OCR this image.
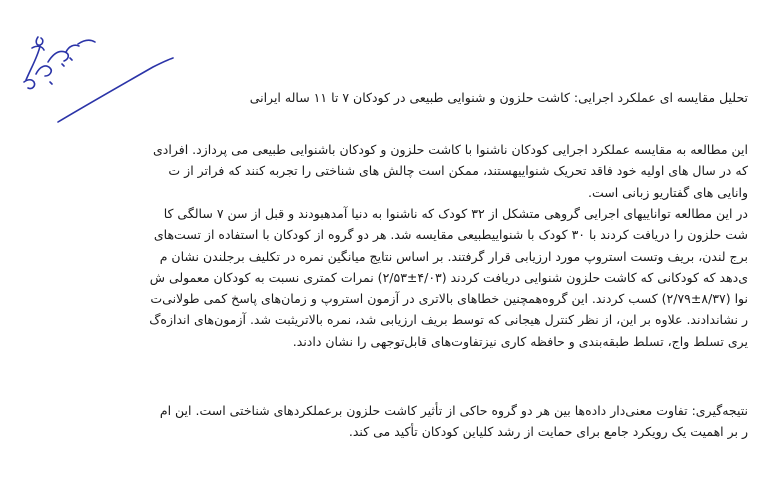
تحلیل مقایسه ای عملکرد اجرایی: کاشت حلزون و شنوایی طبیعی در کودکان ۷ تا ۱۱ ساله ایرانی
این مطالعه به مقایسه عملکرد اجرایی کودکان ناشنوا با کاشت حلزون و کودکان باشنوایی طبیعی می پردازد. افرادی
که در سال های اولیه خود فاقد تحریک شنواییهستند، ممکن است چالش های شناختی را تجربه کنند که فراتر از ت
وانایی های گفتاریو زبانی است.
در این مطالعه تواناییهای اجرایی گروهی متشکل از ۳۲ کودک که ناشنوا به دنیا آمدهبودند و قبل از سن ۷ سالگی کا
شت حلزون را دریافت کردند با ۳۰ کودک با شنواییطبیعی مقایسه شد. هر دو گروه از کودکان با استفاده از تست‌های
برج لندن، بریف وتست استروپ مورد ارزیابی قرار گرفتند. بر اساس نتایج میانگین نمره در تکلیف برجلندن نشان م
ی‌دهد که کودکانی که کاشت حلزون شنوایی دریافت کردند (۴/۰۳±۲/۵۳) نمرات کمتری نسبت به کودکان معمولی ش
نوا (۸/۳۷±۲/۷۹) کسب کردند. این گروه‌همچنین خطاهای بالاتری در آزمون استروپ و زمان‌های پاسخ کمی طولانی‌ت
ر نشاندادند. علاوه بر این، از نظر کنترل هیجانی که توسط بریف ارزیابی شد، نمره بالاتریثبت شد. آزمون‌های اندازه‌گ
یری تسلط واج، تسلط طبقه‌بندی و حافظه کاری نیزتفاوت‌های قابل‌توجهی را نشان دادند.
نتیجه‌گیری: تفاوت معنی‌دار داده‌ها بین هر دو گروه حاکی از تأثیر کاشت حلزون برعملکردهای شناختی است. این ام
ر بر اهمیت یک رویکرد جامع برای حمایت از رشد کلیاین کودکان تأکید می کند.
